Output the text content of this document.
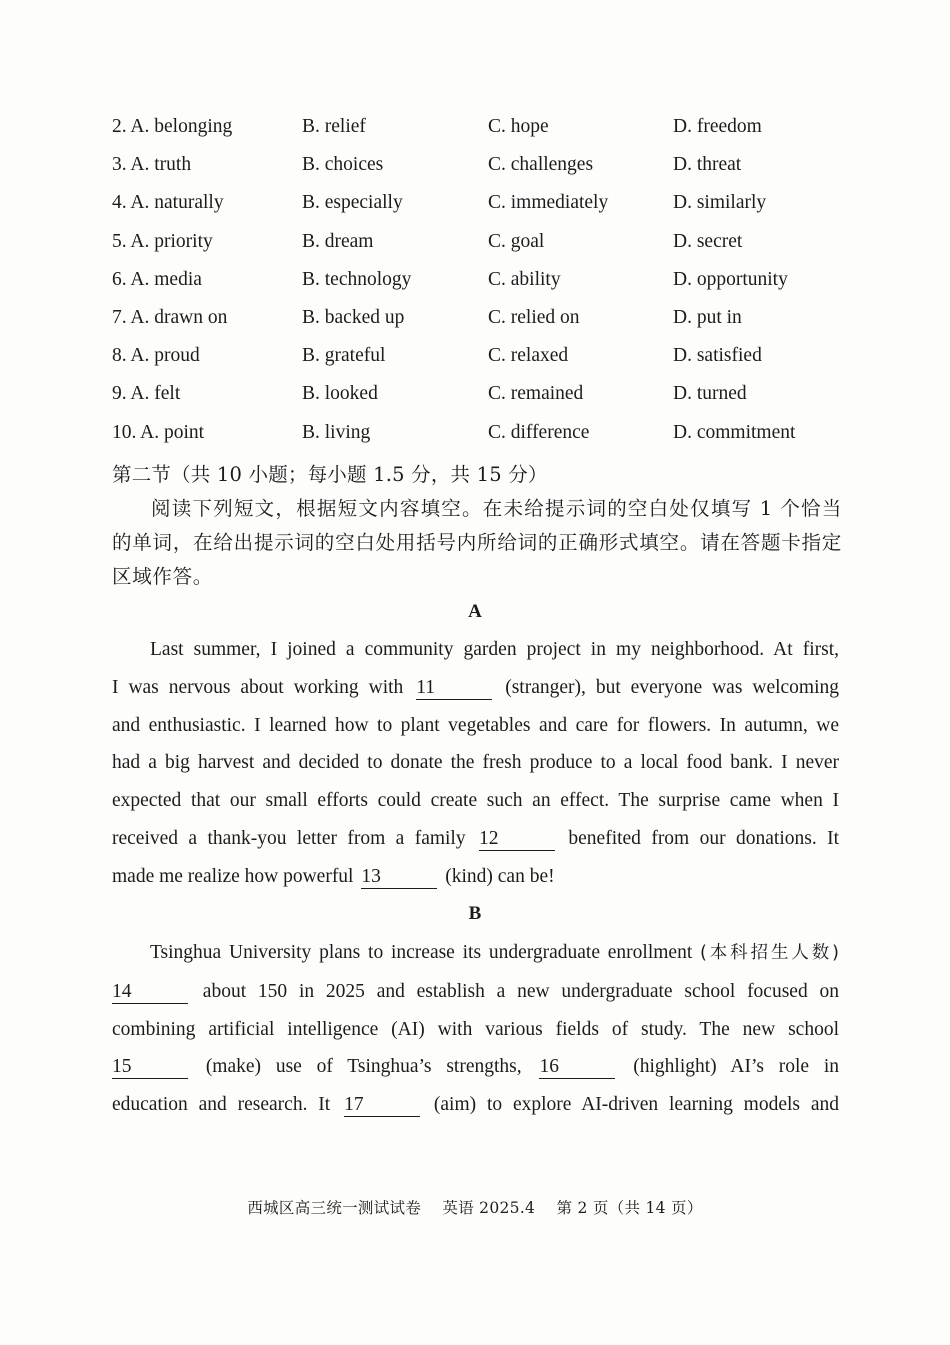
2. A. belonging	B. relief	C. hope	D. freedom
3. A. truth	B. choices	C. challenges	D. threat
4. A. naturally	B. especially	C. immediately	D. similarly
5. A. priority	B. dream	C. goal	D. secret
6. A. media	B. technology	C. ability	D. opportunity
7. A. drawn on	B. backed up	C. relied on	D. put in
8. A. proud	B. grateful	C. relaxed	D. satisfied
9. A. felt	B. looked	C. remained	D. turned
10. A. point	B. living	C. difference	D. commitment
第二节（共 10 小题；每小题 1.5 分，共 15 分）
阅读下列短文，根据短文内容填空。在未给提示词的空白处仅填写 1 个恰当的单词，在给出提示词的空白处用括号内所给词的正确形式填空。请在答题卡指定区域作答。
A
Last summer, I joined a community garden project in my neighborhood. At first,
I was nervous about working with 11	(stranger), but everyone was welcoming
and enthusiastic. I learned how to plant vegetables and care for flowers. In autumn, we
had a big harvest and decided to donate the fresh produce to a local food bank. I never
expected that our small efforts could create such an effect. The surprise came when I
received a thank-you letter from a family 12	benefited from our donations. It
made me realize how powerful 13	(kind) can be!
B
Tsinghua University plans to increase its undergraduate enrollment (本科招生人数)
14	about 150 in 2025 and establish a new undergraduate school focused on
combining artificial intelligence (AI) with various fields of study. The new school
15	(make) use of Tsinghua’s strengths, 16	(highlight) AI’s role in
education and research. It 17	(aim) to explore AI-driven learning models and
西城区高三统一测试试卷 英语 2025.4 第 2 页（共 14 页）
